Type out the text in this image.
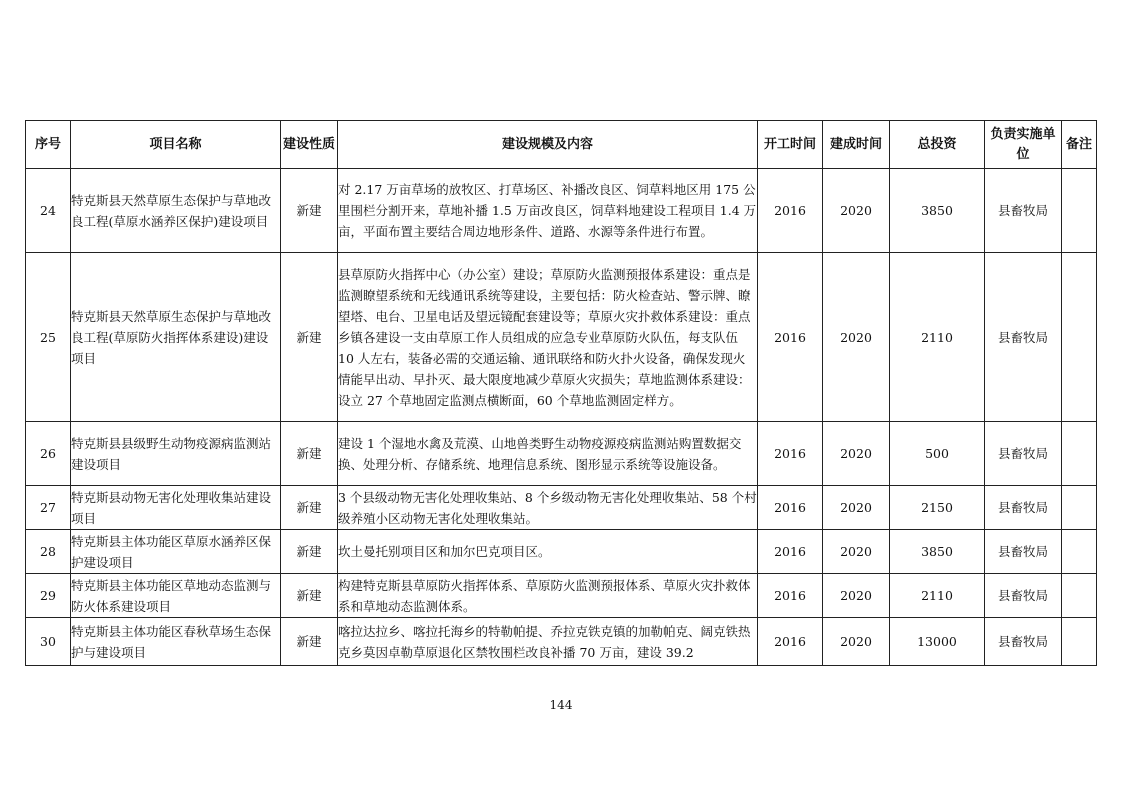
序号	项目名称	建设性质	建设规模及内容	开工时间	建成时间	总投资	负责实施单位	备注
24	特克斯县天然草原生态保护与草地改良工程(草原水涵养区保护)建设项目	新建	对 2.17 万亩草场的放牧区、打草场区、补播改良区、饲草料地区用 175 公里围栏分割开来，草地补播 1.5 万亩改良区，饲草料地建设工程项目 1.4 万亩，平面布置主要结合周边地形条件、道路、水源等条件进行布置。	2016	2020	3850	县畜牧局	
25	特克斯县天然草原生态保护与草地改良工程(草原防火指挥体系建设)建设项目	新建	县草原防火指挥中心（办公室）建设；草原防火监测预报体系建设：重点是监测瞭望系统和无线通讯系统等建设，主要包括：防火检查站、警示牌、瞭望塔、电台、卫星电话及望远镜配套建设等；草原火灾扑救体系建设：重点乡镇各建设一支由草原工作人员组成的应急专业草原防火队伍，每支队伍 10 人左右，装备必需的交通运输、通讯联络和防火扑火设备，确保发现火情能早出动、早扑灭、最大限度地减少草原火灾损失；草地监测体系建设：设立 27 个草地固定监测点横断面，60 个草地监测固定样方。	2016	2020	2110	县畜牧局	
26	特克斯县县级野生动物疫源病监测站建设项目	新建	建设 1 个湿地水禽及荒漠、山地兽类野生动物疫源疫病监测站购置数据交换、处理分析、存储系统、地理信息系统、图形显示系统等设施设备。	2016	2020	500	县畜牧局	
27	特克斯县动物无害化处理收集站建设项目	新建	3 个县级动物无害化处理收集站、8 个乡级动物无害化处理收集站、58 个村级养殖小区动物无害化处理收集站。	2016	2020	2150	县畜牧局	
28	特克斯县主体功能区草原水涵养区保护建设项目	新建	坎土曼托别项目区和加尔巴克项目区。	2016	2020	3850	县畜牧局	
29	特克斯县主体功能区草地动态监测与防火体系建设项目	新建	构建特克斯县草原防火指挥体系、草原防火监测预报体系、草原火灾扑救体系和草地动态监测体系。	2016	2020	2110	县畜牧局	
30	特克斯县主体功能区春秋草场生态保护与建设项目	新建	喀拉达拉乡、喀拉托海乡的特勒帕提、乔拉克铁克镇的加勒帕克、阔克铁热克乡莫因卓勒草原退化区禁牧围栏改良补播 70 万亩，建设 39.2	2016	2020	13000	县畜牧局	
144
